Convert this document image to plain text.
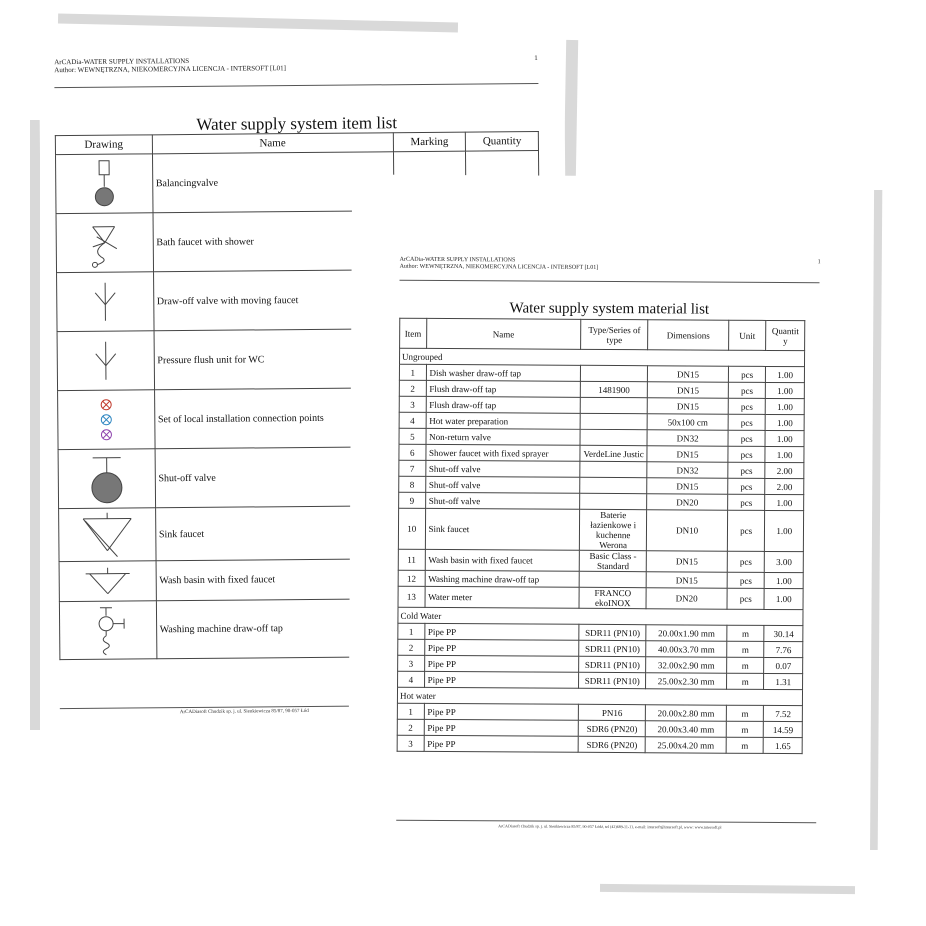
ArCADia-WATER SUPPLY INSTALLATIONS
Author: WEWNĘTRZNA, NIEKOMERCYJNA LICENCJA - INTERSOFT [L01]
1
Water supply system item list
Drawing	Name	Marking	Quantity

	Balancingvalve		

	Bath faucet with shower		

	Draw-off valve with moving faucet		

	Pressure flush unit for WC		

	Set of local installation connection points		

	Shut-off valve		

	Sink faucet		

	Wash basin with fixed faucet		

	Washing machine draw-off tap		
ArCADiasoft Chudzik sp. j. ul. Sienkiewicza 85/87, 90-057 Łód
ArCADia-WATER SUPPLY INSTALLATIONS
Author: WEWNĘTRZNA, NIEKOMERCYJNA LICENCJA - INTERSOFT [L01]
1
Water supply system material list
Item	Name	Type/Series of type	Dimensions	Unit	Quantit y
Ungrouped					
1	Dish washer draw-off tap		DN15	pcs	1.00
2	Flush draw-off tap	1481900	DN15	pcs	1.00
3	Flush draw-off tap		DN15	pcs	1.00
4	Hot water preparation		50x100 cm	pcs	1.00
5	Non-return valve		DN32	pcs	1.00
6	Shower faucet with fixed sprayer	VerdeLine Justic	DN15	pcs	1.00
7	Shut-off valve		DN32	pcs	2.00
8	Shut-off valve		DN15	pcs	2.00
9	Shut-off valve		DN20	pcs	1.00
10	Sink faucet	Baterie łazienkowe i kuchenne Werona	DN10	pcs	1.00
11	Wash basin with fixed faucet	Basic Class - Standard	DN15	pcs	3.00
12	Washing machine draw-off tap		DN15	pcs	1.00
13	Water meter	FRANCO ekoINOX	DN20	pcs	1.00
Cold Water					
1	Pipe PP	SDR11 (PN10)	20.00x1.90 mm	m	30.14
2	Pipe PP	SDR11 (PN10)	40.00x3.70 mm	m	7.76
3	Pipe PP	SDR11 (PN10)	32.00x2.90 mm	m	0.07
4	Pipe PP	SDR11 (PN10)	25.00x2.30 mm	m	1.31
Hot water					
1	Pipe PP	PN16	20.00x2.80 mm	m	7.52
2	Pipe PP	SDR6 (PN20)	20.00x3.40 mm	m	14.59
3	Pipe PP	SDR6 (PN20)	25.00x4.20 mm	m	1.65
ArCADiasoft Chudzik sp. j. ul. Sienkiewicza 85/87, 90-057 Łódź, tel (42)689-11-11, e-mail: intersoft@intersoft.pl, www: www.intersoft.pl
